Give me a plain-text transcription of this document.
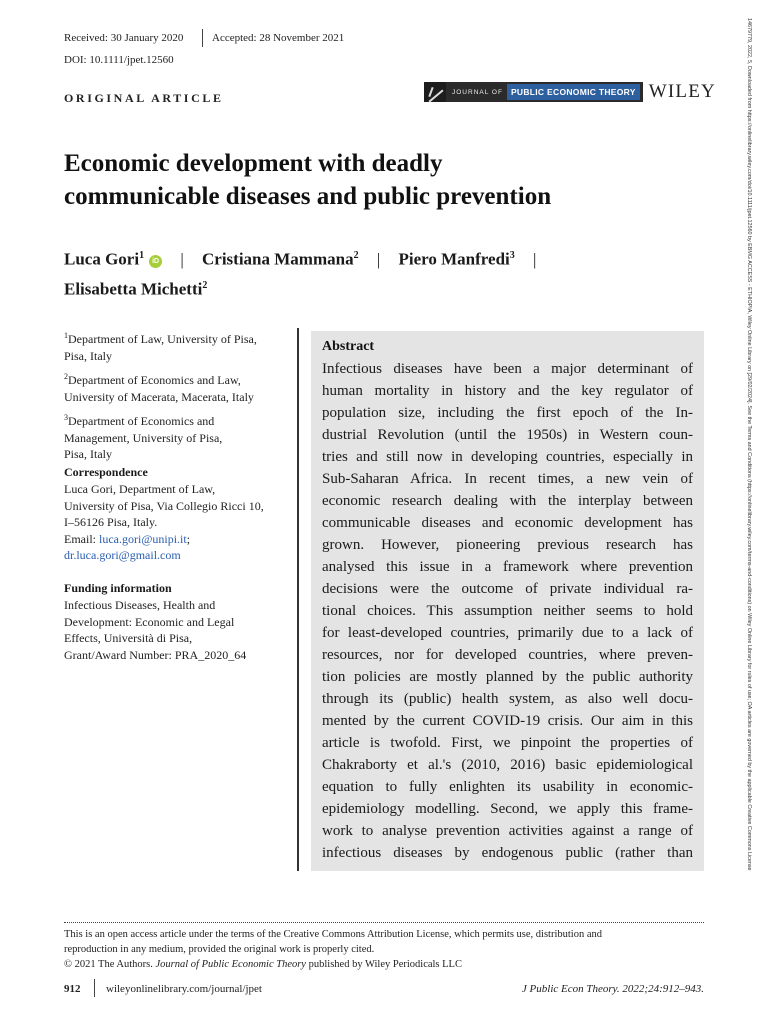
Received: 30 January 2020	Accepted: 28 November 2021
DOI: 10.1111/jpet.12560
ORIGINAL ARTICLE	JOURNAL OF PUBLIC ECONOMIC THEORY WILEY
Economic development with deadly
communicable diseases and public prevention
Luca Gori$^1$iD | Cristiana Mammana$^2$ | Piero Manfredi$^3$ |
Elisabetta Michetti$^2$
$^1$Department of Law, University of Pisa,
Pisa, Italy
$^2$Department of Economics and Law,
University of Macerata, Macerata, Italy
$^3$Department of Economics and
Management, University of Pisa,
Pisa, Italy
Correspondence
Luca Gori, Department of Law,
University of Pisa, Via Collegio Ricci 10,
I–56126 Pisa, Italy.
Email: luca.gori@unipi.it;
dr.luca.gori@gmail.com
Funding information
Infectious Diseases, Health and
Development: Economic and Legal
Effects, Università di Pisa,
Grant/Award Number: PRA_2020_64
Abstract
Infectious diseases have been a major determinant of
human mortality in history and the key regulator of
population size, including the first epoch of the In-
dustrial Revolution (until the 1950s) in Western coun-
tries and still now in developing countries, especially in
Sub-Saharan Africa. In recent times, a new vein of
economic research dealing with the interplay between
communicable diseases and economic development has
grown. However, pioneering previous research has
analysed this issue in a framework where prevention
decisions were the outcome of private individual ra-
tional choices. This assumption neither seems to hold
for least-developed countries, primarily due to a lack of
resources, nor for developed countries, where preven-
tion policies are mostly planned by the public authority
through its (public) health system, as also well docu-
mented by the current COVID-19 crisis. Our aim in this
article is twofold. First, we pinpoint the properties of
Chakraborty et al.'s (2010, 2016) basic epidemiological
equation to fully enlighten its usability in economic-
epidemiology modelling. Second, we apply this frame-
work to analyse prevention activities against a range of
infectious diseases by endogenous public (rather than
This is an open access article under the terms of the Creative Commons Attribution License, which permits use, distribution and
reproduction in any medium, provided the original work is properly cited.
© 2021 The Authors. Journal of Public Economic Theory published by Wiley Periodicals LLC
912 wileyonlinelibrary.com/journal/jpet	J Public Econ Theory. 2022;24:912–943.
14679779, 2022, 5, Downloaded from https://onlinelibrary.wiley.com/doi/10.1111/jpet.12560 by EBMG ACCESS - ETHIOPIA, Wiley Online Library on [29/02/2024]. See the Terms and Conditions (https://onlinelibrary.wiley.com/terms-and-conditions) on Wiley Online Library for rules of use; OA articles are governed by the applicable Creative Commons License
